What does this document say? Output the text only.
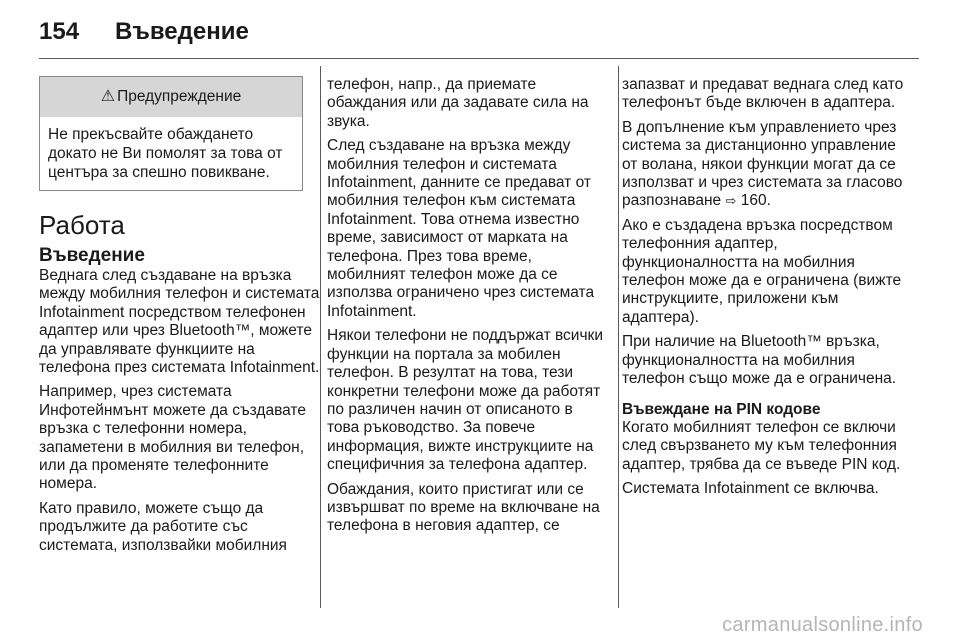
154 Въведение
⚠ Предупреждение
Не прекъсвайте обаждането докато не Ви помолят за това от центъра за спешно повикване.
Работа
Въведение

Веднага след създаване на връзка между мобилния телефон и системата Infotainment посредством телефонен адаптер или чрез Bluetooth™, можете да управлявате функциите на телефона през системата Infotainment.

Например, чрез системата Инфотейнмънт можете да създавате връзка с телефонни номера, запаметени в мобилния ви телефон, или да променяте телефонните номера.

Като правило, можете също да продължите да работите със системата, използвайки мобилния

телефон, напр., да приемате обаждания или да задавате сила на звука.

След създаване на връзка между мобилния телефон и системата Infotainment, данните се предават от мобилния телефон към системата Infotainment. Това отнема известно време, зависимост от марката на телефона. През това време, мобилният телефон може да се използва ограничено чрез системата Infotainment.

Някои телефони не поддържат всички функции на портала за мобилен телефон. В резултат на това, тези конкретни телефони може да работят по различен начин от описаното в това ръководство. За повече информация, вижте инструкциите на специфичния за телефона адаптер.

Обаждания, които пристигат или се извършват по време на включване на телефона в неговия адаптер, се

запазват и предават веднага след като телефонът бъде включен в адаптера.

В допълнение към управлението чрез система за дистанционно управление от волана, някои функции могат да се използват и чрез системата за гласово разпознаване ⇨ 160.

Ако е създадена връзка посредством телефонния адаптер, функционалността на мобилния телефон може да е ограничена (вижте инструкциите, приложени към адаптера).

При наличие на Bluetooth™ връзка, функционалността на мобилния телефон също може да е ограничена.

Въвеждане на PIN кодове

Когато мобилният телефон се включи след свързването му към телефонния адаптер, трябва да се въведе PIN код.

Системата Infotainment се включва.

carmanualsonline.info
